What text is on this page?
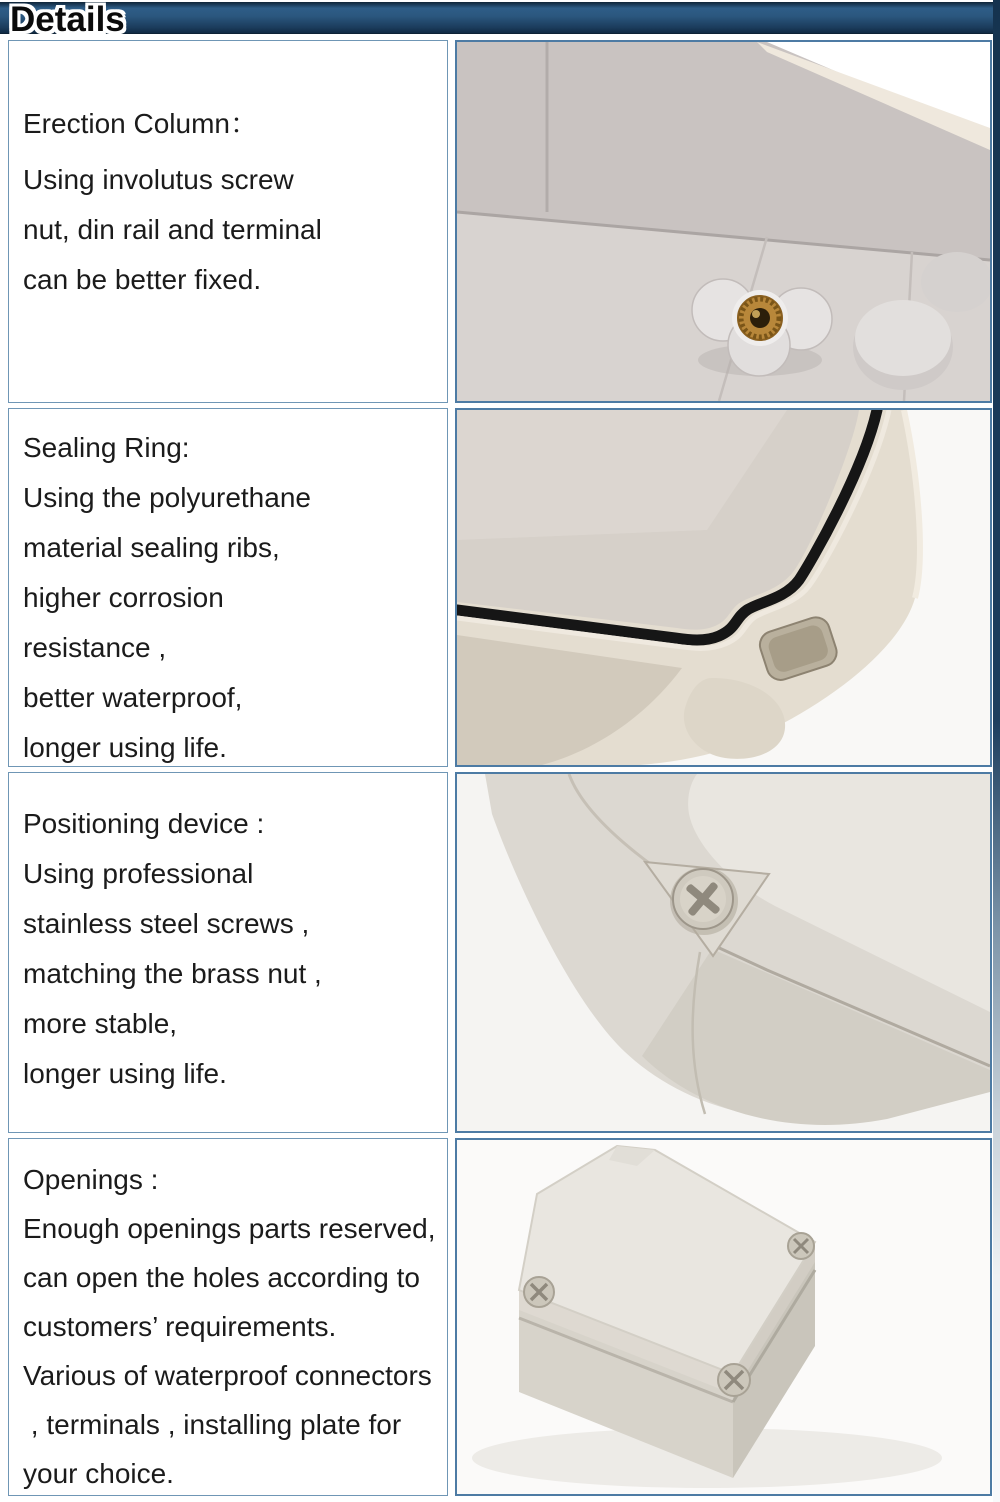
Details
Erection Column：
Using involutus screw
nut, din rail and terminal
can be better fixed.
Sealing Ring:
Using the polyurethane
material sealing ribs,
higher corrosion
resistance ,
better waterproof,
longer using life.
Positioning device :
Using professional
stainless steel screws ,
matching the brass nut ,
more stable,
longer using life.
Openings :
Enough openings parts reserved,
can open the holes according to
customers’ requirements.
Various of waterproof connectors
, terminals , installing plate for
your choice.
